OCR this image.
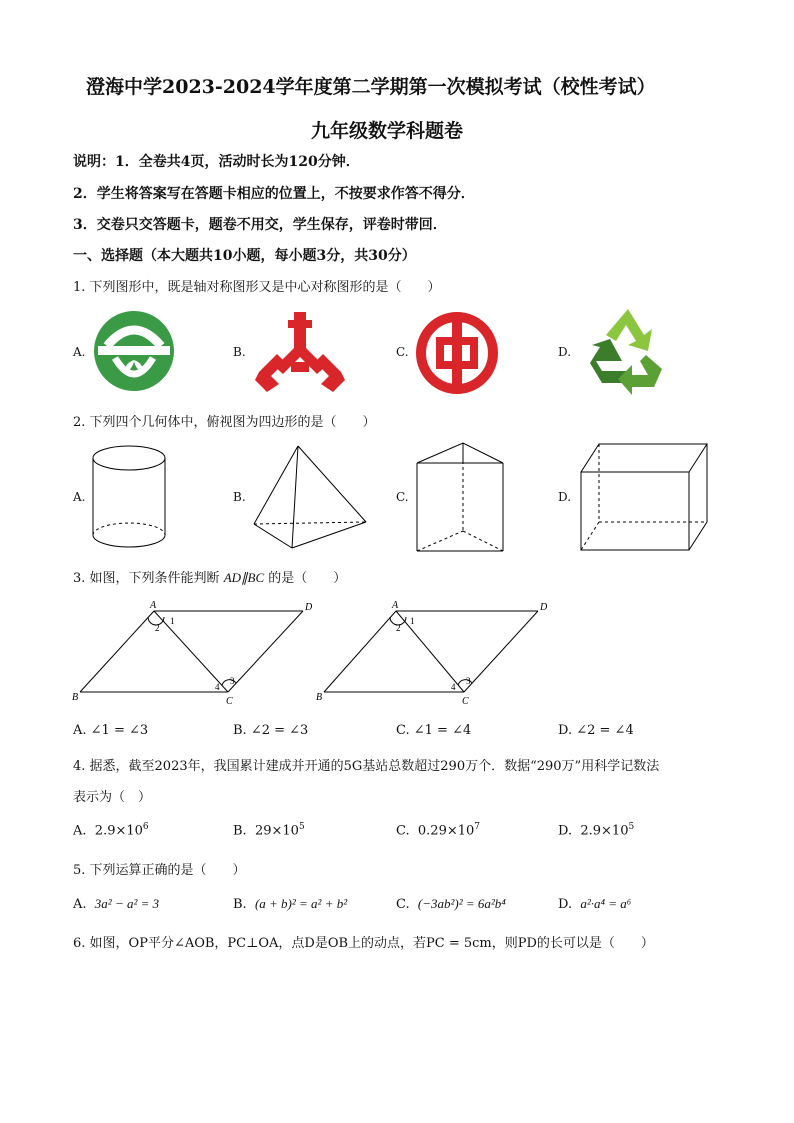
澄海中学2023-2024学年度第二学期第一次模拟考试（校性考试）
九年级数学科题卷
说明：1．全卷共4页，活动时长为120分钟．
2．学生将答案写在答题卡相应的位置上，不按要求作答不得分．
3．交卷只交答题卡，题卷不用交，学生保存，评卷时带回．
一、选择题（本大题共10小题，每小题3分，共30分）
1. 下列图形中，既是轴对称图形又是中心对称图形的是（　　）
A.	B.	C.	D.
2. 下列四个几何体中，俯视图为四边形的是（　　）
A.	B.	C.	D.
3. 如图，下列条件能判断 AD∥BC 的是（　　）
A	D
B	C
1
2
3
4
A	D
B	C
1
2
3
4
A. ∠1 = ∠3	B. ∠2 = ∠3	C. ∠1 = ∠4	D. ∠2 = ∠4
4. 据悉，截至2023年，我国累计建成并开通的5G基站总数超过290万个．数据“290万”用科学记数法
表示为（　）
A. $2.9\times 10^6$	B. $29\times 10^5$	C. $0.29\times 10^7$	D. $2.9\times 10^5$
5. 下列运算正确的是（　　）
A. 3a² − a² = 3	B. (a + b)² = a² + b²	C. (−3ab²)² = 6a²b⁴	D. a²·a⁴ = a⁶
6. 如图，OP平分∠AOB，PC⊥OA，点D是OB上的动点，若PC = 5cm，则PD的长可以是（　　）
